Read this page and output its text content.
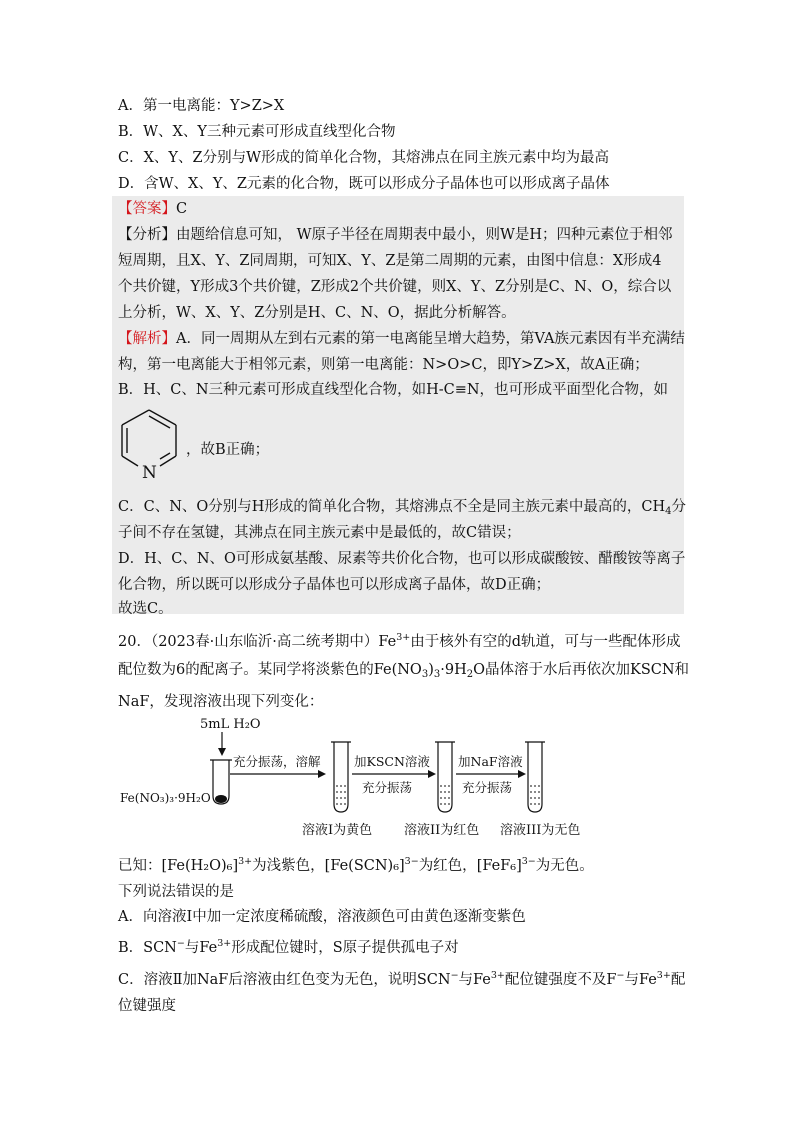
A．第一电离能：Y>Z>X
B．W、X、Y三种元素可形成直线型化合物
C．X、Y、Z分别与W形成的简单化合物，其熔沸点在同主族元素中均为最高
D．含W、X、Y、Z元素的化合物，既可以形成分子晶体也可以形成离子晶体
【答案】C
【分析】由题给信息可知， W原子半径在周期表中最小，则W是H；四种元素位于相邻
短周期，且X、Y、Z同周期，可知X、Y、Z是第二周期的元素，由图中信息：X形成4
个共价键，Y形成3个共价键，Z形成2个共价键，则X、Y、Z分别是C、N、O，综合以
上分析，W、X、Y、Z分别是H、C、N、O，据此分析解答。
【解析】A．同一周期从左到右元素的第一电离能呈增大趋势，第VA族元素因有半充满结
构，第一电离能大于相邻元素，则第一电离能：N>O>C，即Y>Z>X，故A正确；
B．H、C、N三种元素可形成直线型化合物，如H-C≡N，也可形成平面型化合物，如
N
，故B正确；
C．C、N、O分别与H形成的简单化合物，其熔沸点不全是同主族元素中最高的，$CH_4$分
子间不存在氢键，其沸点在同主族元素中是最低的，故C错误；
D．H、C、N、O可形成氨基酸、尿素等共价化合物，也可以形成碳酸铵、醋酸铵等离子
化合物，所以既可以形成分子晶体也可以形成离子晶体，故D正确；
故选C。
20．（2023春·山东临沂·高二统考期中）$Fe^{3+}$由于核外有空的d轨道，可与一些配体形成
配位数为6的配离子。某同学将淡紫色的$Fe(NO_3)_3\cdot 9H_2O$晶体溶于水后再依次加KSCN和
NaF，发现溶液出现下列变化：
5mL H₂O
Fe(NO₃)₃·9H₂O
充分振荡，溶解	加KSCN溶液
充分振荡
加NaF溶液
充分振荡
溶液I为黄色 溶液II为红色 溶液III为无色
已知：$[Fe(H_2O)_6]^{3+}$为浅紫色，$[Fe(SCN)_6]^{3-}$为红色，$[FeF_6]^{3-}$为无色。
下列说法错误的是
A．向溶液Ⅰ中加一定浓度稀硫酸，溶液颜色可由黄色逐渐变紫色
B．SCN−与$Fe^{3+}$形成配位键时，S原子提供孤电子对
C．溶液Ⅱ加NaF后溶液由红色变为无色，说明SCN−与$Fe^{3+}$配位键强度不及F−与$Fe^{3+}$配
位键强度
